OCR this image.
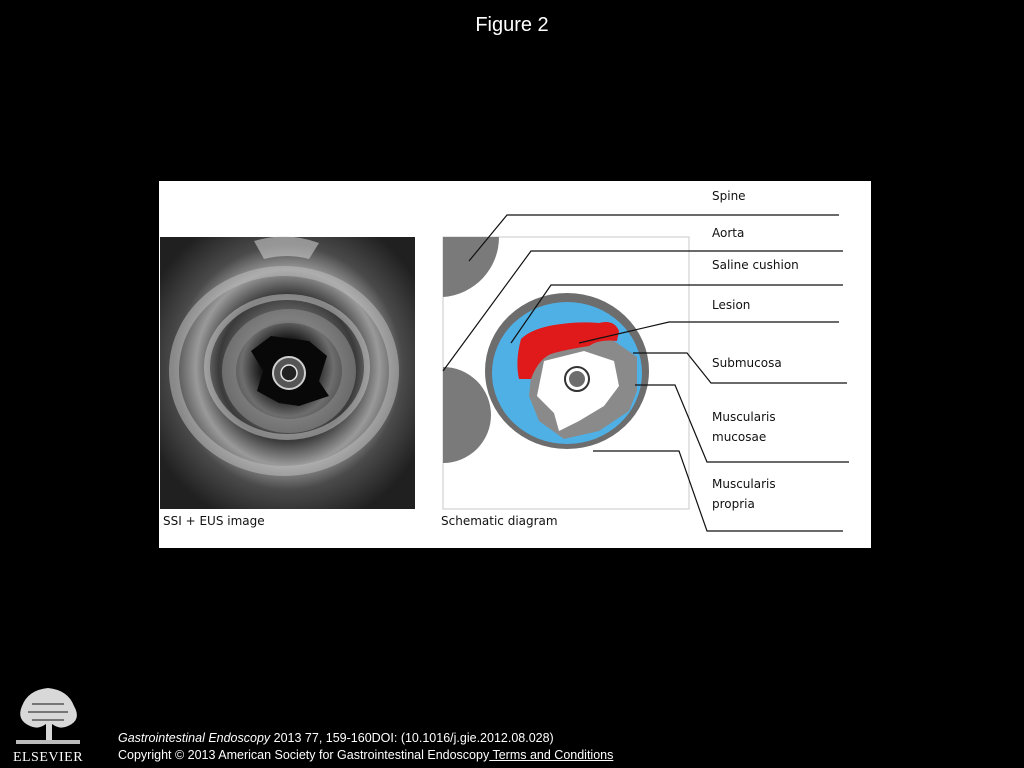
Figure 2
Spine
Aorta
Saline cushion
Lesion
Submucosa
Muscularis
mucosae
Muscularis
propria
SSI + EUS image	Schematic diagram
ELSEVIER
Gastrointestinal Endoscopy 2013 77, 159-160DOI: (10.1016/j.gie.2012.08.028)
Copyright © 2013 American Society for Gastrointestinal Endoscopy Terms and Conditions
